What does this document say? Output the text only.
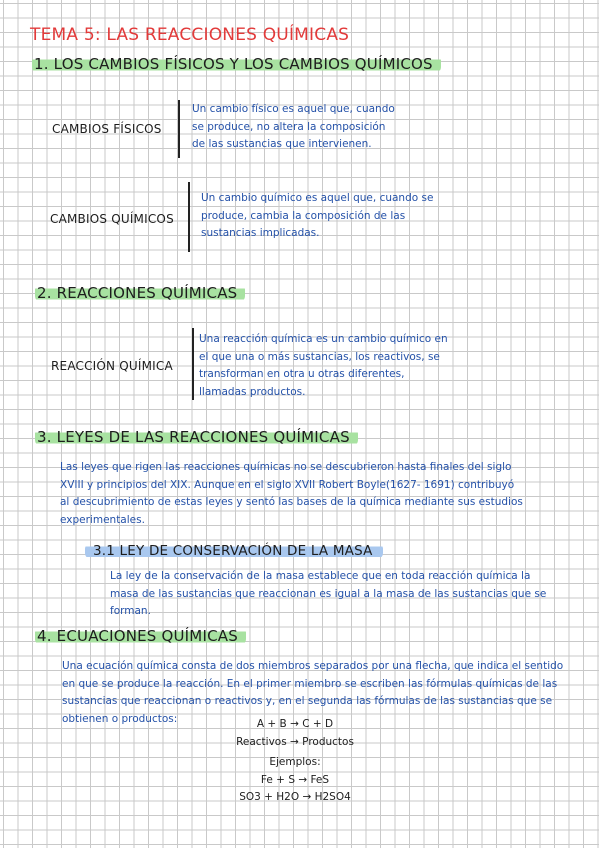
TEMA 5: LAS REACCIONES QUÍMICAS
1. LOS CAMBIOS FÍSICOS Y LOS CAMBIOS QUÍMICOS
CAMBIOS FÍSICOS
Un cambio físico es aquel que, cuando
se produce, no altera la composición
de las sustancias que intervienen.
CAMBIOS QUÍMICOS
Un cambio químico es aquel que, cuando se
produce, cambia la composición de las
sustancias implicadas.
2. REACCIONES QUÍMICAS
REACCIÓN QUÍMICA
Una reacción química es un cambio químico en
el que una o más sustancias, los reactivos, se
transforman en otra u otras diferentes,
llamadas productos.
3. LEYES DE LAS REACCIONES QUÍMICAS
Las leyes que rigen las reacciones químicas no se descubrieron hasta finales del siglo
XVIII y principios del XIX. Aunque en el siglo XVII Robert Boyle(1627- 1691) contribuyó
al descubrimiento de estas leyes y sentó las bases de la química mediante sus estudios
experimentales.
3.1 LEY DE CONSERVACIÓN DE LA MASA
La ley de la conservación de la masa establece que en toda reacción química la
masa de las sustancias que reaccionan es igual a la masa de las sustancias que se
forman.
4. ECUACIONES QUÍMICAS
Una ecuación química consta de dos miembros separados por una flecha, que indica el sentido
en que se produce la reacción. En el primer miembro se escriben las fórmulas químicas de las
sustancias que reaccionan o reactivos y, en el segunda las fórmulas de las sustancias que se
obtienen o productos:	A + B → C + D
Reactivos → Productos
Ejemplos:
Fe + S → FeS
SO3 + H2O → H2SO4
